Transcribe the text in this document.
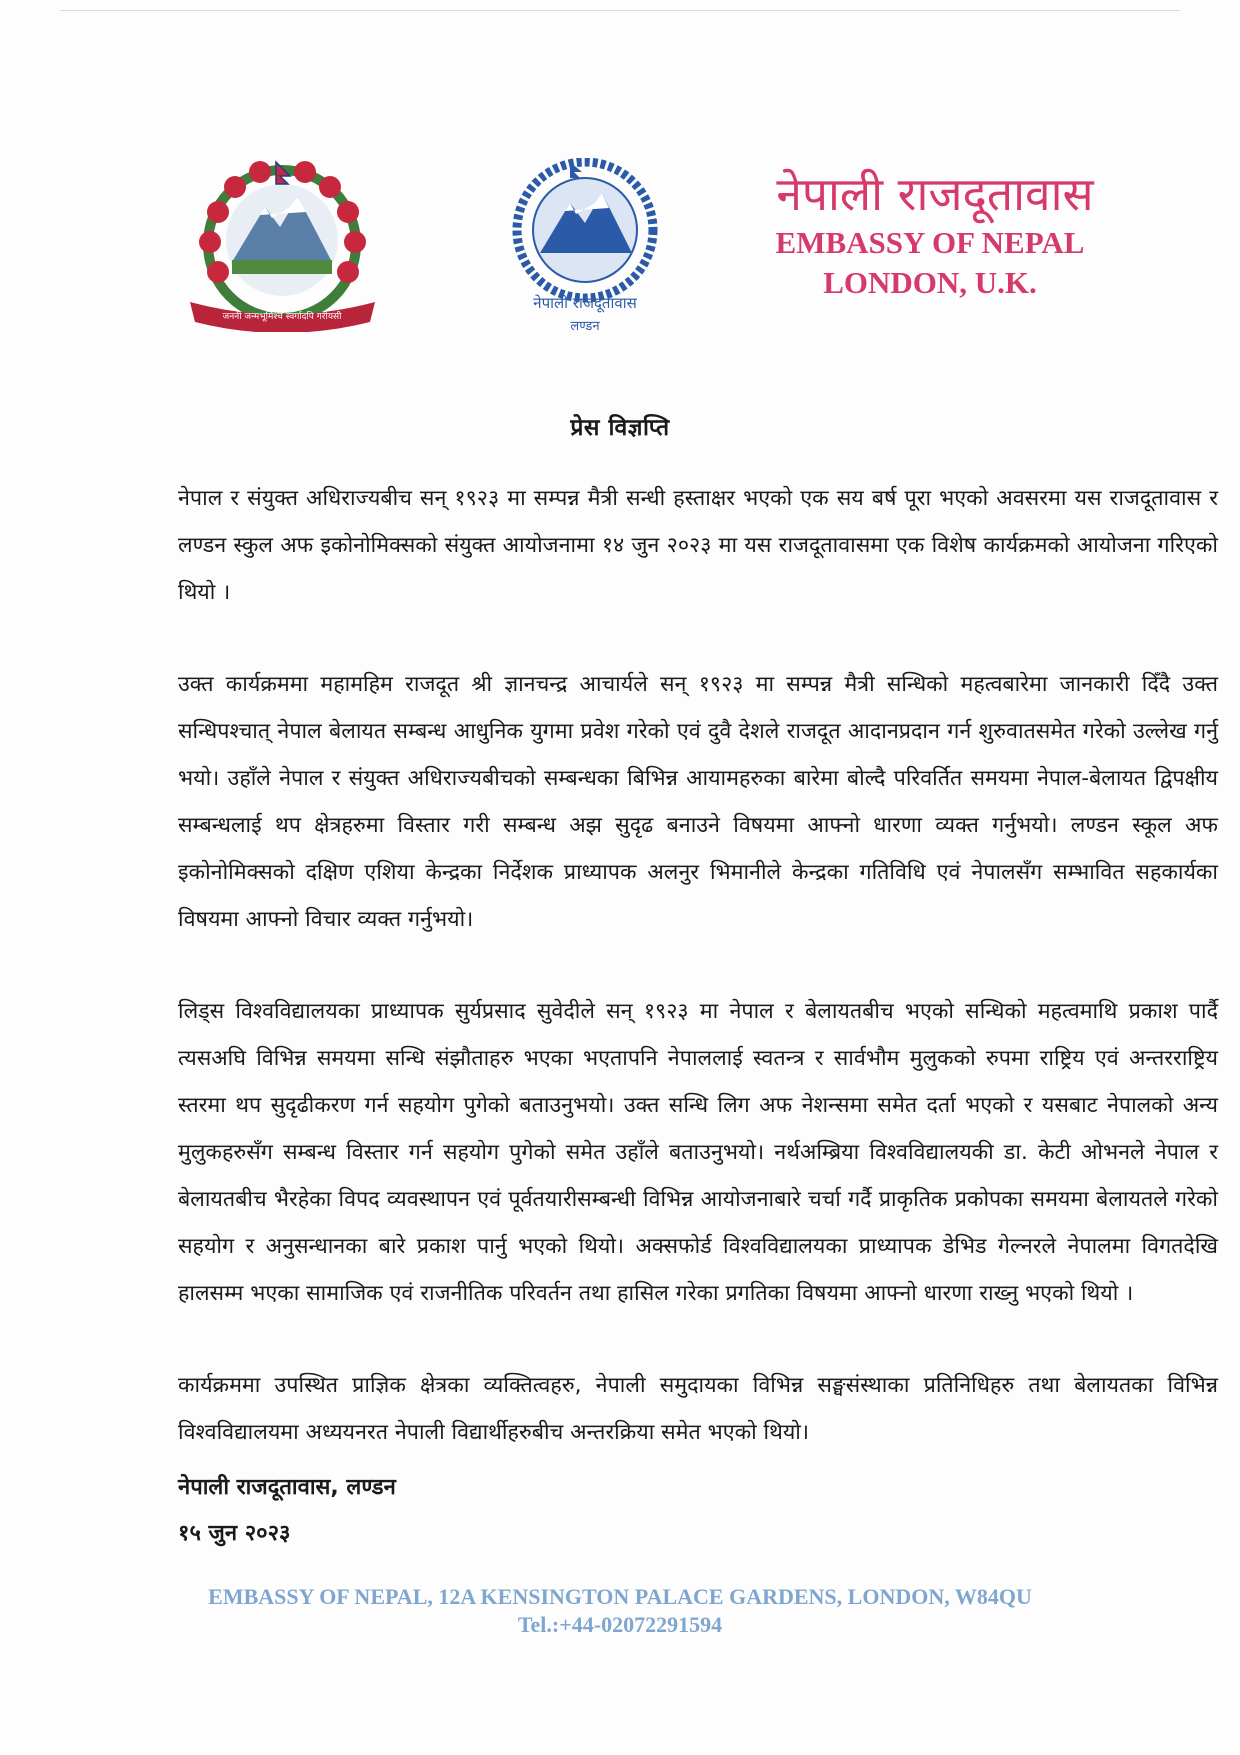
जननी जन्मभूमिश्च स्वर्गादपि गरीयसी
नेपाली राजदूतावास
लण्डन
नेपाली राजदूतावास
EMBASSY OF NEPAL
LONDON, U.K.
प्रेस विज्ञप्ति

नेपाल र संयुक्त अधिराज्यबीच सन् १९२३ मा सम्पन्न मैत्री सन्धी हस्ताक्षर भएको एक सय बर्ष पूरा भएको अवसरमा यस राजदूतावास र लण्डन स्कुल अफ इकोनोमिक्सको संयुक्त आयोजनामा १४ जुन २०२३ मा यस राजदूतावासमा एक विशेष कार्यक्रमको आयोजना गरिएको थियो ।

उक्त कार्यक्रममा महामहिम राजदूत श्री ज्ञानचन्द्र आचार्यले सन् १९२३ मा सम्पन्न मैत्री सन्धिको महत्वबारेमा जानकारी दिँदै उक्त सन्धिपश्चात् नेपाल बेलायत सम्बन्ध आधुनिक युगमा प्रवेश गरेको एवं दुवै देशले राजदूत आदानप्रदान गर्न शुरुवातसमेत गरेको उल्लेख गर्नु भयो। उहाँले नेपाल र संयुक्त अधिराज्यबीचको सम्बन्धका बिभिन्न आयामहरुका बारेमा बोल्दै परिवर्तित समयमा नेपाल-बेलायत द्विपक्षीय सम्बन्धलाई थप क्षेत्रहरुमा विस्तार गरी सम्बन्ध अझ सुदृढ बनाउने विषयमा आफ्नो धारणा व्यक्त गर्नुभयो। लण्डन स्कूल अफ इकोनोमिक्सको दक्षिण एशिया केन्द्रका निर्देशक प्राध्यापक अलनुर भिमानीले केन्द्रका गतिविधि एवं नेपालसँग सम्भावित सहकार्यका विषयमा आफ्नो विचार व्यक्त गर्नुभयो।

लिड्स विश्वविद्यालयका प्राध्यापक सुर्यप्रसाद सुवेदीले सन् १९२३ मा नेपाल र बेलायतबीच भएको सन्धिको महत्वमाथि प्रकाश पार्दै त्यसअघि विभिन्न समयमा सन्धि संझौताहरु भएका भएतापनि नेपाललाई स्वतन्त्र र सार्वभौम मुलुकको रुपमा राष्ट्रिय एवं अन्तरराष्ट्रिय स्तरमा थप सुदृढीकरण गर्न सहयोग पुगेको बताउनुभयो। उक्त सन्धि लिग अफ नेशन्समा समेत दर्ता भएको र यसबाट नेपालको अन्य मुलुकहरुसँग सम्बन्ध विस्तार गर्न सहयोग पुगेको समेत उहाँले बताउनुभयो। नर्थअम्ब्रिया विश्वविद्यालयकी डा. केटी ओभनले नेपाल र बेलायतबीच भैरहेका विपद व्यवस्थापन एवं पूर्वतयारीसम्बन्धी विभिन्न आयोजनाबारे चर्चा गर्दै प्राकृतिक प्रकोपका समयमा बेलायतले गरेको सहयोग र अनुसन्धानका बारे प्रकाश पार्नु भएको थियो। अक्सफोर्ड विश्वविद्यालयका प्राध्यापक डेभिड गेल्नरले नेपालमा विगतदेखि हालसम्म भएका सामाजिक एवं राजनीतिक परिवर्तन तथा हासिल गरेका प्रगतिका विषयमा आफ्नो धारणा राख्नु भएको थियो ।

कार्यक्रममा उपस्थित प्राज्ञिक क्षेत्रका व्यक्तित्वहरु, नेपाली समुदायका विभिन्न सङ्घसंस्थाका प्रतिनिधिहरु तथा बेलायतका विभिन्न विश्वविद्यालयमा अध्ययनरत नेपाली विद्यार्थीहरुबीच अन्तरक्रिया समेत भएको थियो।

नेपाली राजदूतावास, लण्डन
१५ जुन २०२३
EMBASSY OF NEPAL, 12A KENSINGTON PALACE GARDENS, LONDON, W84QU
Tel.:+44-02072291594
